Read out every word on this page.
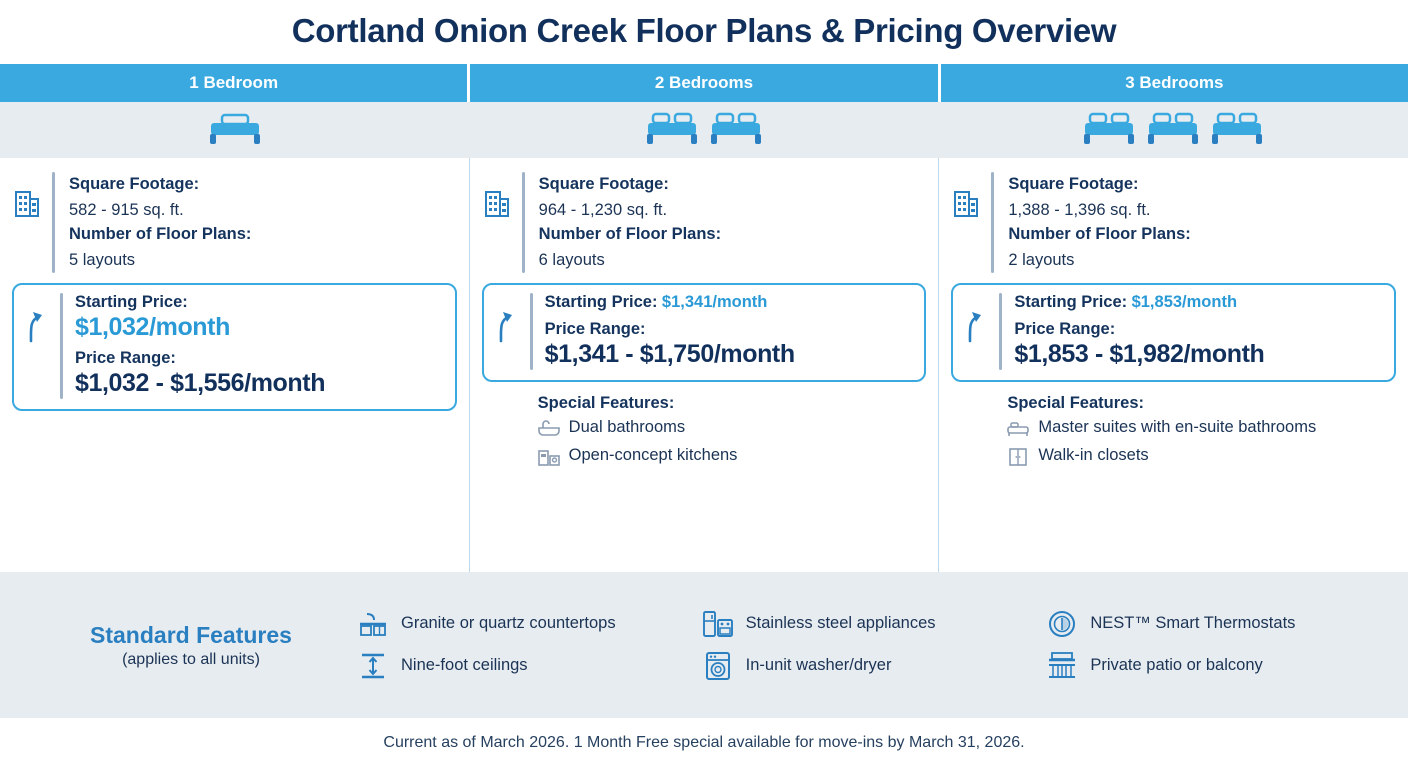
Cortland Onion Creek Floor Plans & Pricing Overview
1 Bedroom	2 Bedrooms	3 Bedrooms
Square Footage:
582 - 915 sq. ft.
Number of Floor Plans:
5 layouts
Starting Price:
$1,032/month
Price Range:
$1,032 - $1,556/month
Square Footage:
964 - 1,230 sq. ft.
Number of Floor Plans:
6 layouts
Starting Price: $1,341/month
Price Range:
$1,341 - $1,750/month
Special Features:
Dual bathrooms
Open-concept kitchens
Square Footage:
1,388 - 1,396 sq. ft.
Number of Floor Plans:
2 layouts
Starting Price: $1,853/month
Price Range:
$1,853 - $1,982/month
Special Features:
Master suites with en-suite bathrooms
Walk-in closets
Standard Features
(applies to all units)
Granite or quartz countertops	Stainless steel appliances	NEST™ Smart Thermostats
Nine-foot ceilings	In-unit washer/dryer	Private patio or balcony
Current as of March 2026. 1 Month Free special available for move-ins by March 31, 2026.
